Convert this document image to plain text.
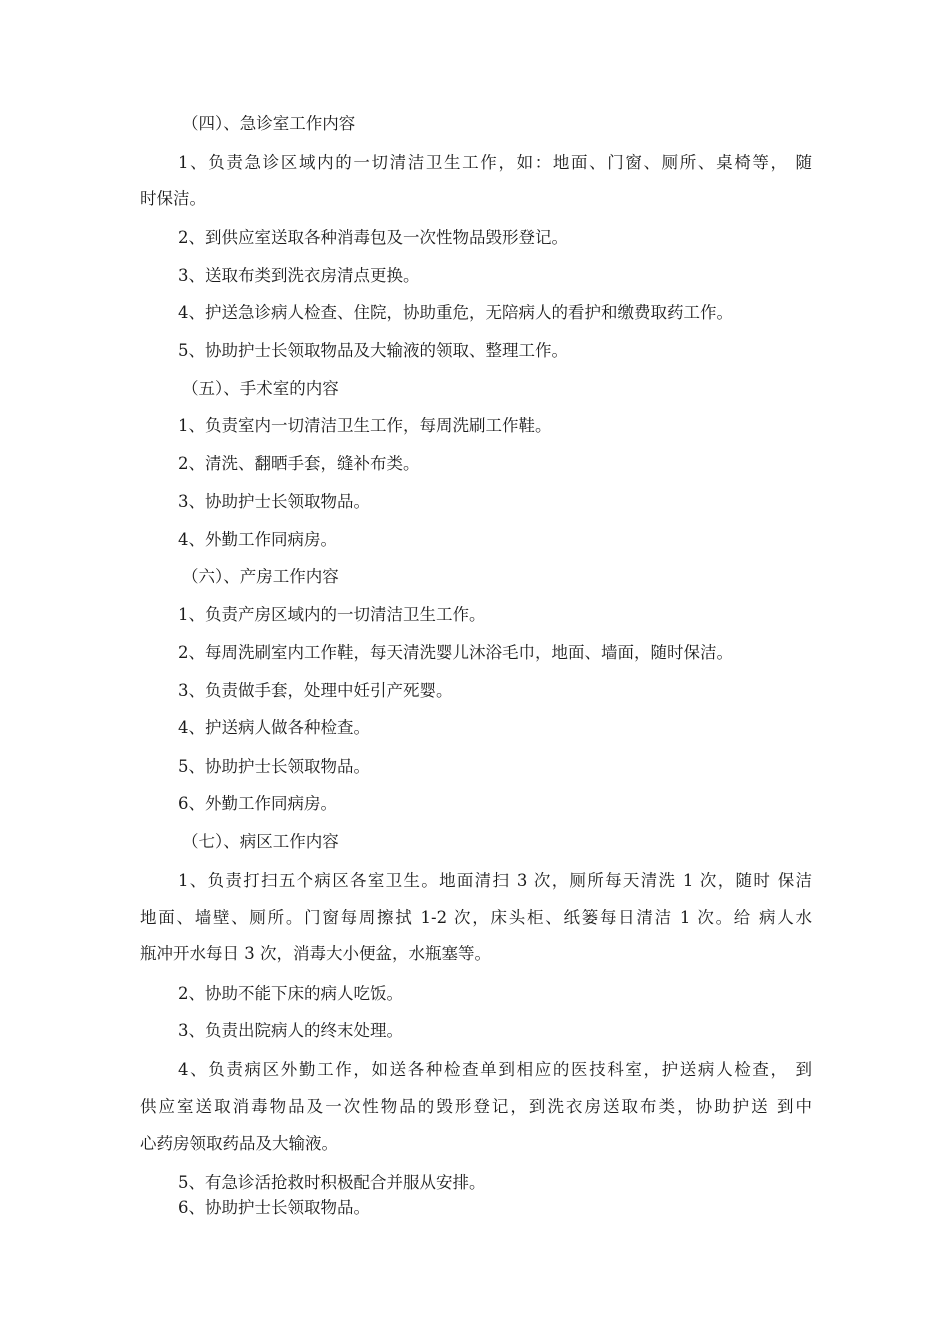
（四）、急诊室工作内容
1、负责急诊区域内的一切清洁卫生工作，如：地面、门窗、厕所、桌椅等， 随
时保洁。
2、到供应室送取各种消毒包及一次性物品毁形登记。
3、送取布类到洗衣房清点更换。
4、护送急诊病人检查、住院，协助重危，无陪病人的看护和缴费取药工作。
5、协助护士长领取物品及大输液的领取、整理工作。
（五）、手术室的内容
1、负责室内一切清洁卫生工作，每周洗刷工作鞋。
2、清洗、翻晒手套，缝补布类。
3、协助护士长领取物品。
4、外勤工作同病房。
（六）、产房工作内容
1、负责产房区域内的一切清洁卫生工作。
2、每周洗刷室内工作鞋，每天清洗婴儿沐浴毛巾，地面、墙面，随时保洁。
3、负责做手套，处理中妊引产死婴。
4、护送病人做各种检查。
5、协助护士长领取物品。
6、外勤工作同病房。
（七）、病区工作内容
1、负责打扫五个病区各室卫生。地面清扫 3 次，厕所每天清洗 1 次，随时 保洁
地面、墙壁、厕所。门窗每周擦拭 1-2 次，床头柜、纸篓每日清洁 1 次。给 病人水
瓶冲开水每日 3 次，消毒大小便盆，水瓶塞等。
2、协助不能下床的病人吃饭。
3、负责出院病人的终末处理。
4、负责病区外勤工作，如送各种检查单到相应的医技科室，护送病人检查， 到
供应室送取消毒物品及一次性物品的毁形登记，到洗衣房送取布类，协助护送 到中
心药房领取药品及大输液。
5、有急诊活抢救时积极配合并服从安排。
6、协助护士长领取物品。
